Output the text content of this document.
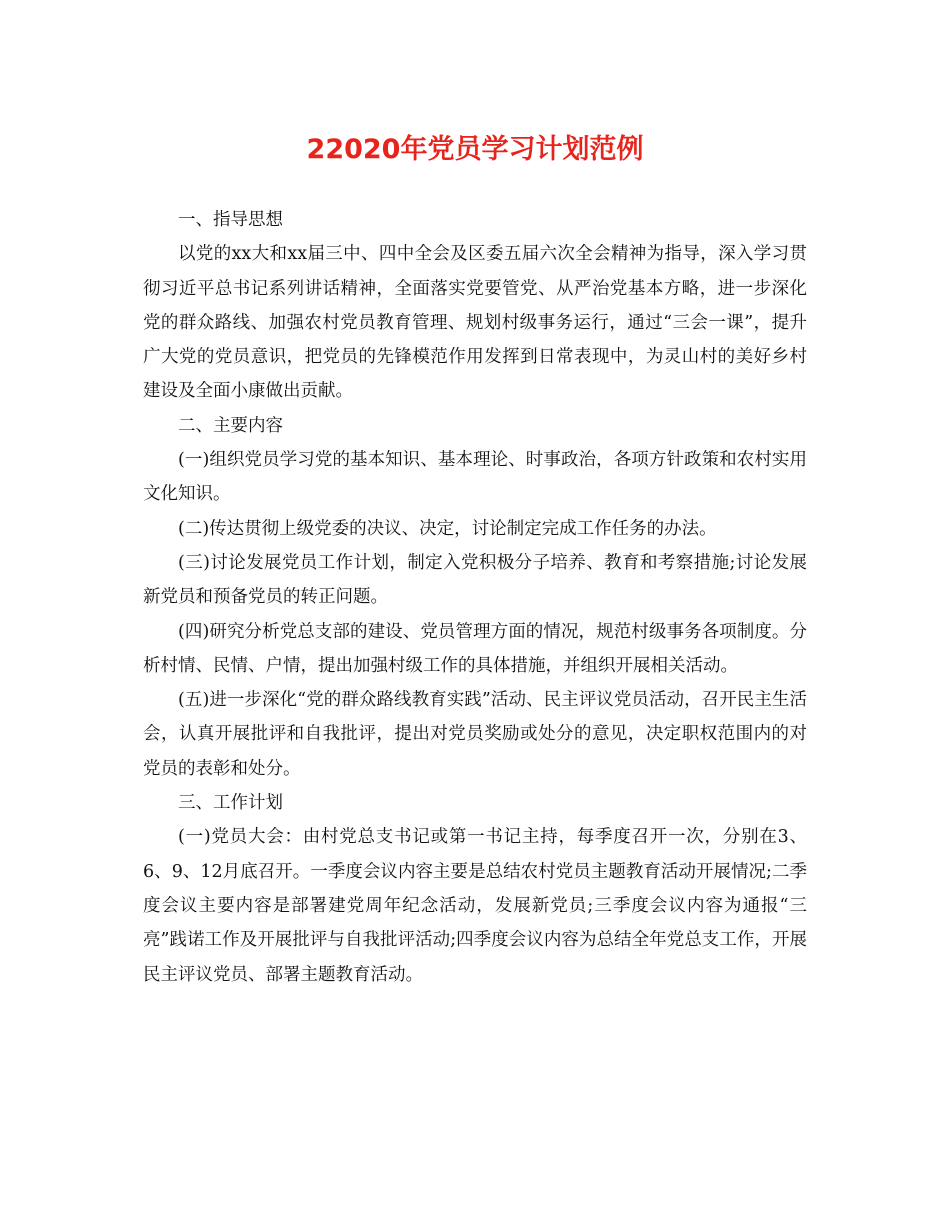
22020年党员学习计划范例

一、指导思想

以党的xx大和xx届三中、四中全会及区委五届六次全会精神为指导，深入学习贯彻习近平总书记系列讲话精神，全面落实党要管党、从严治党基本方略，进一步深化党的群众路线、加强农村党员教育管理、规划村级事务运行，通过“三会一课”，提升广大党的党员意识，把党员的先锋模范作用发挥到日常表现中，为灵山村的美好乡村建设及全面小康做出贡献。

二、主要内容

(一)组织党员学习党的基本知识、基本理论、时事政治，各项方针政策和农村实用文化知识。

(二)传达贯彻上级党委的决议、决定，讨论制定完成工作任务的办法。

(三)讨论发展党员工作计划，制定入党积极分子培养、教育和考察措施;讨论发展新党员和预备党员的转正问题。

(四)研究分析党总支部的建设、党员管理方面的情况，规范村级事务各项制度。分析村情、民情、户情，提出加强村级工作的具体措施，并组织开展相关活动。

(五)进一步深化“党的群众路线教育实践”活动、民主评议党员活动，召开民主生活会，认真开展批评和自我批评，提出对党员奖励或处分的意见，决定职权范围内的对党员的表彰和处分。

三、工作计划

(一)党员大会：由村党总支书记或第一书记主持，每季度召开一次，分别在3、6、9、12月底召开。一季度会议内容主要是总结农村党员主题教育活动开展情况;二季度会议主要内容是部署建党周年纪念活动，发展新党员;三季度会议内容为通报“三亮”践诺工作及开展批评与自我批评活动;四季度会议内容为总结全年党总支工作，开展民主评议党员、部署主题教育活动。
